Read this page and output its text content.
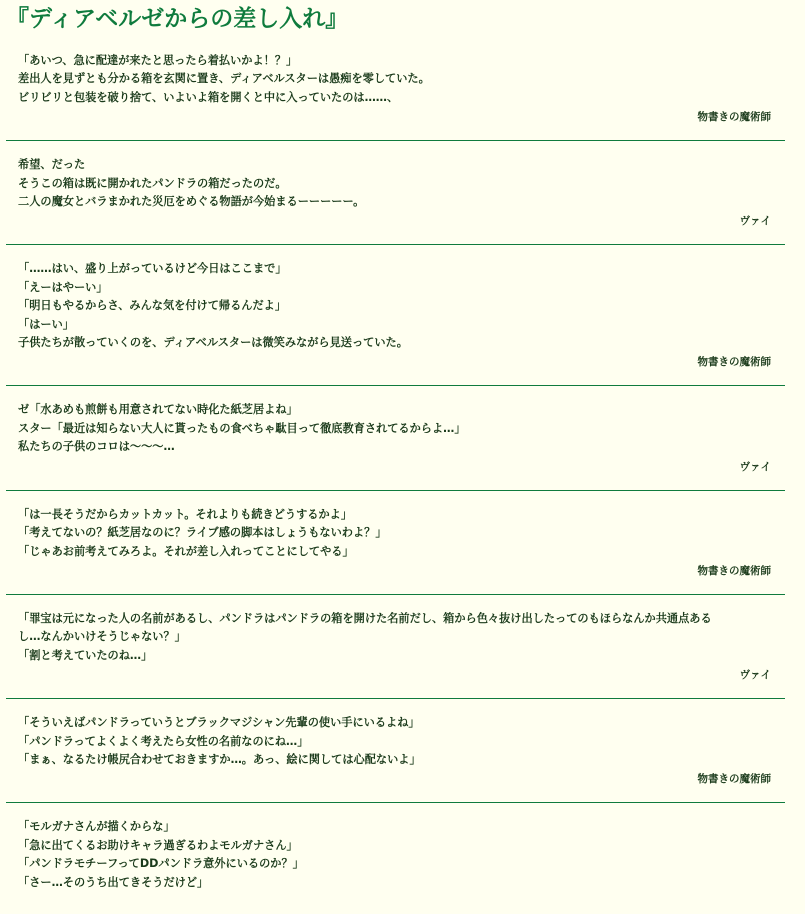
『ディアベルゼからの差し入れ』
「あいつ、急に配達が来たと思ったら着払いかよ！？」
差出人を見ずとも分かる箱を玄関に置き、ディアベルスターは愚痴を零していた。
ビリビリと包装を破り捨て、いよいよ箱を開くと中に入っていたのは……、
物書きの魔術師
希望、だった
そうこの箱は既に開かれたパンドラの箱だったのだ。
二人の魔女とバラまかれた災厄をめぐる物語が今始まるーーーーー。
ヴァイ
「……はい、盛り上がっているけど今日はここまで」
「えーはやーい」
「明日もやるからさ、みんな気を付けて帰るんだよ」
「はーい」
子供たちが散っていくのを、ディアベルスターは微笑みながら見送っていた。
物書きの魔術師
ゼ「水あめも煎餅も用意されてない時化た紙芝居よね」
スター「最近は知らない大人に貰ったもの食べちゃ駄目って徹底教育されてるからよ…」
私たちの子供のコロは〜〜〜…
ヴァイ
「は一長そうだからカットカット。それよりも続きどうするかよ」
「考えてないの？紙芝居なのに？ライブ感の脚本はしょうもないわよ？」
「じゃあお前考えてみろよ。それが差し入れってことにしてやる」
物書きの魔術師
「罪宝は元になった人の名前があるし、パンドラはパンドラの箱を開けた名前だし、箱から色々抜け出したってのもほらなんか共通点ある
し…なんかいけそうじゃない？」
「割と考えていたのね…」
ヴァイ
「そういえばパンドラっていうとブラックマジシャン先輩の使い手にいるよね」
「パンドラってよくよく考えたら女性の名前なのにね…」
「まぁ、なるたけ帳尻合わせておきますか…。あっ、絵に関しては心配ないよ」
物書きの魔術師
「モルガナさんが描くからな」
「急に出てくるお助けキャラ過ぎるわよモルガナさん」
「パンドラモチーフってDDパンドラ意外にいるのか？」
「さー…そのうち出てきそうだけど」
